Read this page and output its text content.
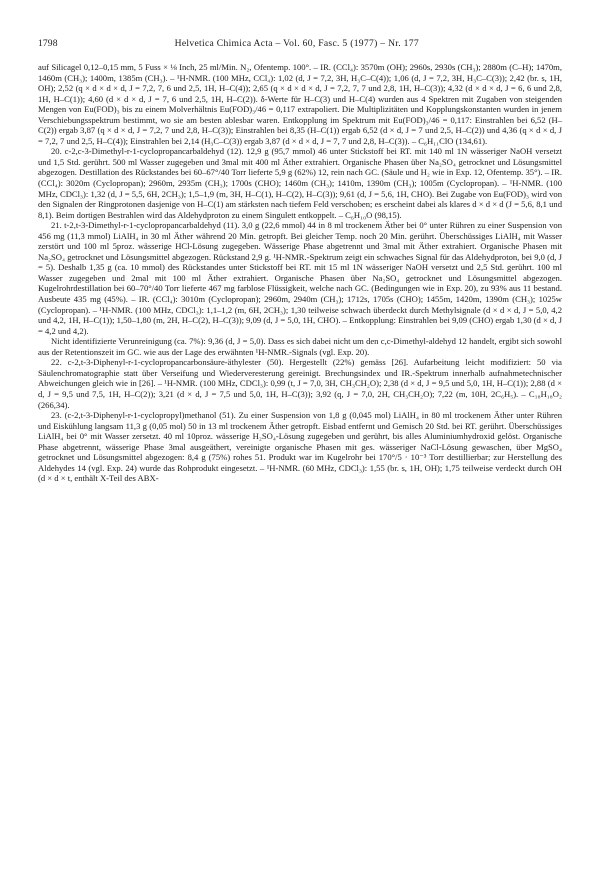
1798	Helvetica Chimica Acta – Vol. 60, Fasc. 5 (1977) – Nr. 177

auf Silicagel 0,12–0,15 mm, 5 Fuss × ⅛ Inch, 25 ml/Min. N₂, Ofentemp. 100°. – IR. (CCl₄): 3570m (OH); 2960s, 2930s (CH₃); 2880m (C–H); 1470m, 1460m (CH₃); 1400m, 1385m (CH₃). – ¹H-NMR. (100 MHz, CCl₄): 1,02 (d, J = 7,2, 3H, H₃C–C(4)); 1,06 (d, J = 7,2, 3H, H₃C–C(3)); 2,42 (br. s, 1H, OH); 2,52 (q × d × d × d, J = 7,2, 7, 6 und 2,5, 1H, H–C(4)); 2,65 (q × d × d × d, J = 7,2, 7, 7 und 2,8, 1H, H–C(3)); 4,32 (d × d × d, J = 6, 6 und 2,8, 1H, H–C(1)); 4,60 (d × d × d, J = 7, 6 und 2,5, 1H, H–C(2)). δ-Werte für H–C(3) und H–C(4) wurden aus 4 Spektren mit Zugaben von steigenden Mengen von Eu(FOD)₃ bis zu einem Molverhältnis Eu(FOD)₃/46 = 0,117 extrapoliert. Die Multiplizitäten und Kopplungskonstanten wurden in jenem Verschiebungsspektrum bestimmt, wo sie am besten ablesbar waren. Entkopplung im Spektrum mit Eu(FOD)₃/46 = 0,117: Einstrahlen bei 6,52 (H–C(2)) ergab 3,87 (q × d × d, J = 7,2, 7 und 2,8, H–C(3)); Einstrahlen bei 8,35 (H–C(1)) ergab 6,52 (d × d, J = 7 und 2,5, H–C(2)) und 4,36 (q × d × d, J = 7,2, 7 und 2,5, H–C(4)); Einstrahlen bei 2,14 (H₃C–C(3)) ergab 3,87 (d × d × d, J = 7, 7 und 2,8, H–C(3)). – C₆H₁₁ClO (134,61).

20. c-2,c-3-Dimethyl-r-1-cyclopropancarbaldehyd (12). 12,9 g (95,7 mmol) 46 unter Stickstoff bei RT. mit 140 ml 1N wässeriger NaOH versetzt und 1,5 Std. gerührt. 500 ml Wasser zugegeben und 3mal mit 400 ml Äther extrahiert. Organische Phasen über Na₂SO₄ getrocknet und Lösungsmittel abgezogen. Destillation des Rückstandes bei 60–67°/40 Torr lieferte 5,9 g (62%) 12, rein nach GC. (Säule und H₂ wie in Exp. 12, Ofentemp. 35°). – IR. (CCl₄): 3020m (Cyclopropan); 2960m, 2935m (CH₃); 1700s (CHO); 1460m (CH₃); 1410m, 1390m (CH₃); 1005m (Cyclopropan). – ¹H-NMR. (100 MHz, CDCl₃): 1,32 (d, J = 5,5, 6H, 2CH₃); 1,5–1,9 (m, 3H, H–C(1), H–C(2), H–C(3)); 9,61 (d, J = 5,6, 1H, CHO). Bei Zugabe von Eu(FOD)₃ wird von den Signalen der Ringprotonen dasjenige von H–C(1) am stärksten nach tiefem Feld verschoben; es erscheint dabei als klares d × d × d (J = 5,6, 8,1 und 8,1). Beim dortigen Bestrahlen wird das Aldehydproton zu einem Singulett entkoppelt. – C₆H₁₀O (98,15).

21. t-2,t-3-Dimethyl-r-1-cyclopropancarbaldehyd (11). 3,0 g (22,6 mmol) 44 in 8 ml trockenem Äther bei 0° unter Rühren zu einer Suspension von 456 mg (11,3 mmol) LiAlH₄ in 30 ml Äther während 20 Min. getropft. Bei gleicher Temp. noch 20 Min. gerührt. Überschüssiges LiAlH₄ mit Wasser zerstört und 100 ml 5proz. wässerige HCl-Lösung zugegeben. Wässerige Phase abgetrennt und 3mal mit Äther extrahiert. Organische Phasen mit Na₂SO₄ getrocknet und Lösungsmittel abgezogen. Rückstand 2,9 g. ¹H-NMR.-Spektrum zeigt ein schwaches Signal für das Aldehydproton, bei 9,0 (d, J = 5). Deshalb 1,35 g (ca. 10 mmol) des Rückstandes unter Stickstoff bei RT. mit 15 ml 1N wässeriger NaOH versetzt und 2,5 Std. gerührt. 100 ml Wasser zugegeben und 2mal mit 100 ml Äther extrahiert. Organische Phasen über Na₂SO₄ getrocknet und Lösungsmittel abgezogen. Kugelrohrdestillation bei 60–70°/40 Torr lieferte 467 mg farblose Flüssigkeit, welche nach GC. (Bedingungen wie in Exp. 20), zu 93% aus 11 bestand. Ausbeute 435 mg (45%). – IR. (CCl₄): 3010m (Cyclopropan); 2960m, 2940m (CH₃); 1712s, 1705s (CHO); 1455m, 1420m, 1390m (CH₃); 1025w (Cyclopropan). – ¹H-NMR. (100 MHz, CDCl₃): 1,1–1,2 (m, 6H, 2CH₃); 1,30 teilweise schwach überdeckt durch Methylsignale (d × d × d, J = 5,0, 4,2 und 4,2, 1H, H–C(1)); 1,50–1,80 (m, 2H, H–C(2), H–C(3)); 9,09 (d, J = 5,0, 1H, CHO). – Entkopplung: Einstrahlen bei 9,09 (CHO) ergab 1,30 (d × d, J = 4,2 und 4,2).

Nicht identifizierte Verunreinigung (ca. 7%): 9,36 (d, J = 5,0). Dass es sich dabei nicht um den c,c-Dimethyl-aldehyd 12 handelt, ergibt sich sowohl aus der Retentionszeit im GC. wie aus der Lage des erwähnten ¹H-NMR.-Signals (vgl. Exp. 20).

22. c-2,t-3-Diphenyl-r-1-cyclopropancarbonsäure-äthylester (50). Hergestellt (22%) gemäss [26]. Aufarbeitung leicht modifiziert: 50 via Säulenchromatographie statt über Verseifung und Wiederveresterung gereinigt. Brechungsindex und IR.-Spektrum innerhalb aufnahmetechnischer Abweichungen gleich wie in [26]. – ¹H-NMR. (100 MHz, CDCl₃): 0,99 (t, J = 7,0, 3H, CH₃CH₂O); 2,38 (d × d, J = 9,5 und 5,0, 1H, H–C(1)); 2,88 (d × d, J = 9,5 und 7,5, 1H, H–C(2)); 3,21 (d × d, J = 7,5 und 5,0, 1H, H–C(3)); 3,92 (q, J = 7,0, 2H, CH₃CH₂O); 7,22 (m, 10H, 2C₆H₅). – C₁₈H₁₈O₂ (266,34).

23. (c-2,t-3-Diphenyl-r-1-cyclopropyl)methanol (51). Zu einer Suspension von 1,8 g (0,045 mol) LiAlH₄ in 80 ml trockenem Äther unter Rühren und Eiskühlung langsam 11,3 g (0,05 mol) 50 in 13 ml trockenem Äther getropft. Eisbad entfernt und Gemisch 20 Std. bei RT. gerührt. Überschüssiges LiAlH₄ bei 0° mit Wasser zersetzt. 40 ml 10proz. wässerige H₂SO₄-Lösung zugegeben und gerührt, bis alles Aluminiumhydroxid gelöst. Organische Phase abgetrennt, wässerige Phase 3mal ausgeäthert, vereinigte organische Phasen mit ges. wässeriger NaCl-Lösung gewaschen, über MgSO₄ getrocknet und Lösungsmittel abgezogen: 8,4 g (75%) rohes 51. Produkt war im Kugelrohr bei 170°/5 · 10⁻³ Torr destillierbar; zur Herstellung des Aldehydes 14 (vgl. Exp. 24) wurde das Rohprodukt eingesetzt. – ¹H-NMR. (60 MHz, CDCl₃): 1,55 (br. s, 1H, OH); 1,75 teilweise verdeckt durch OH (d × d × t, enthält X-Teil des ABX-
